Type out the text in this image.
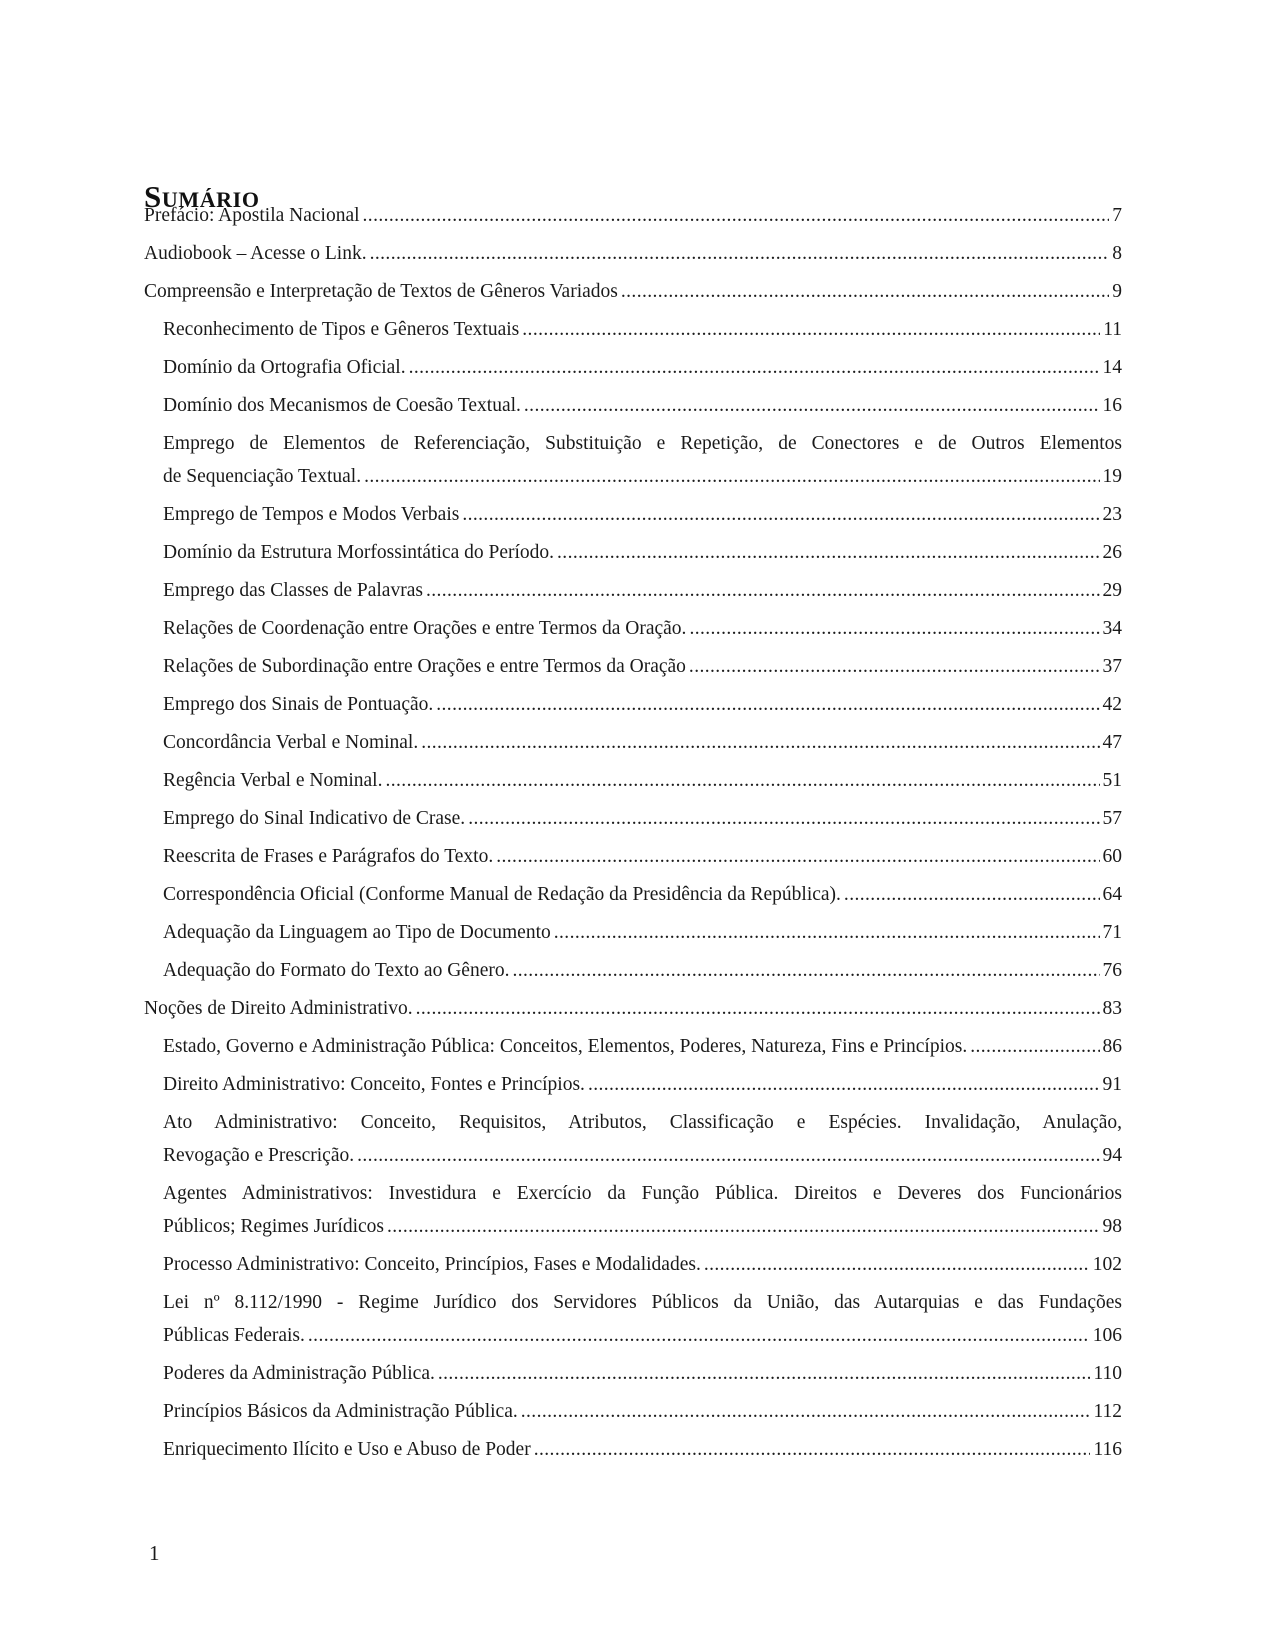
Sumário
Prefácio: Apostila Nacional .....	7
Audiobook – Acesse o Link. .....	8
Compreensão e Interpretação de Textos de Gêneros Variados .....	9
Reconhecimento de Tipos e Gêneros Textuais .....	11
Domínio da Ortografia Oficial. .....	14
Domínio dos Mecanismos de Coesão Textual. .....	16
Emprego de Elementos de Referenciação, Substituição e Repetição, de Conectores e de Outros Elementos
de Sequenciação Textual. .....	19
Emprego de Tempos e Modos Verbais .....	23
Domínio da Estrutura Morfossintática do Período. .....	26
Emprego das Classes de Palavras .....	29
Relações de Coordenação entre Orações e entre Termos da Oração. .....	34
Relações de Subordinação entre Orações e entre Termos da Oração .....	37
Emprego dos Sinais de Pontuação. .....	42
Concordância Verbal e Nominal. .....	47
Regência Verbal e Nominal. .....	51
Emprego do Sinal Indicativo de Crase. .....	57
Reescrita de Frases e Parágrafos do Texto. .....	60
Correspondência Oficial (Conforme Manual de Redação da Presidência da República). .....	64
Adequação da Linguagem ao Tipo de Documento .....	71
Adequação do Formato do Texto ao Gênero. .....	76
Noções de Direito Administrativo. .....	83
Estado, Governo e Administração Pública: Conceitos, Elementos, Poderes, Natureza, Fins e Princípios. .....	86
Direito Administrativo: Conceito, Fontes e Princípios. .....	91
Ato Administrativo: Conceito, Requisitos, Atributos, Classificação e Espécies. Invalidação, Anulação,
Revogação e Prescrição. .....	94
Agentes Administrativos: Investidura e Exercício da Função Pública. Direitos e Deveres dos Funcionários
Públicos; Regimes Jurídicos .....	98
Processo Administrativo: Conceito, Princípios, Fases e Modalidades. .....	102
Lei nº 8.112/1990 - Regime Jurídico dos Servidores Públicos da União, das Autarquias e das Fundações
Públicas Federais. .....	106
Poderes da Administração Pública. .....	110
Princípios Básicos da Administração Pública. .....	112
Enriquecimento Ilícito e Uso e Abuso de Poder .....	116
1
